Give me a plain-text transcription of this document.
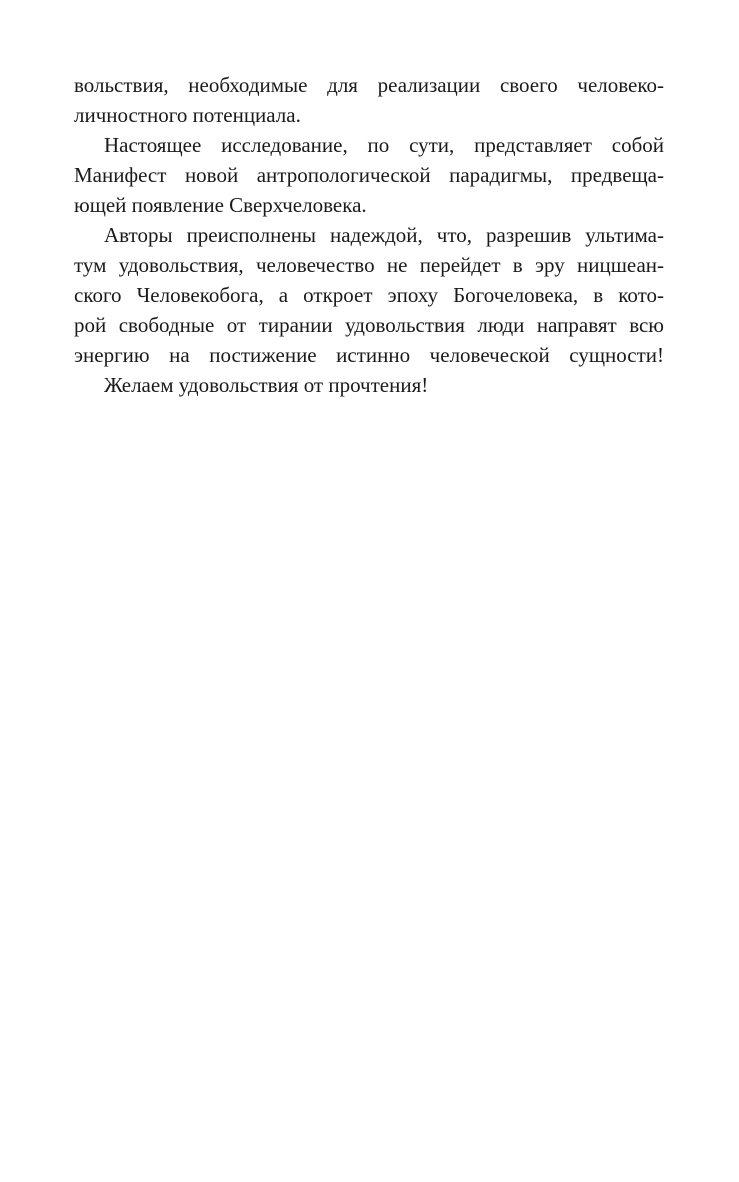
вольствия, необходимые для реализации своего человеко-
личностного потенциала.
Настоящее исследование, по сути, представляет собой
Манифест новой антропологической парадигмы, предвеща-
ющей появление Сверхчеловека.
Авторы преисполнены надеждой, что, разрешив ультима-
тум удовольствия, человечество не перейдет в эру ницшеан-
ского Человекобога, а откроет эпоху Богочеловека, в кото-
рой свободные от тирании удовольствия люди направят всю
энергию на постижение истинно человеческой сущности!
Желаем удовольствия от прочтения!
